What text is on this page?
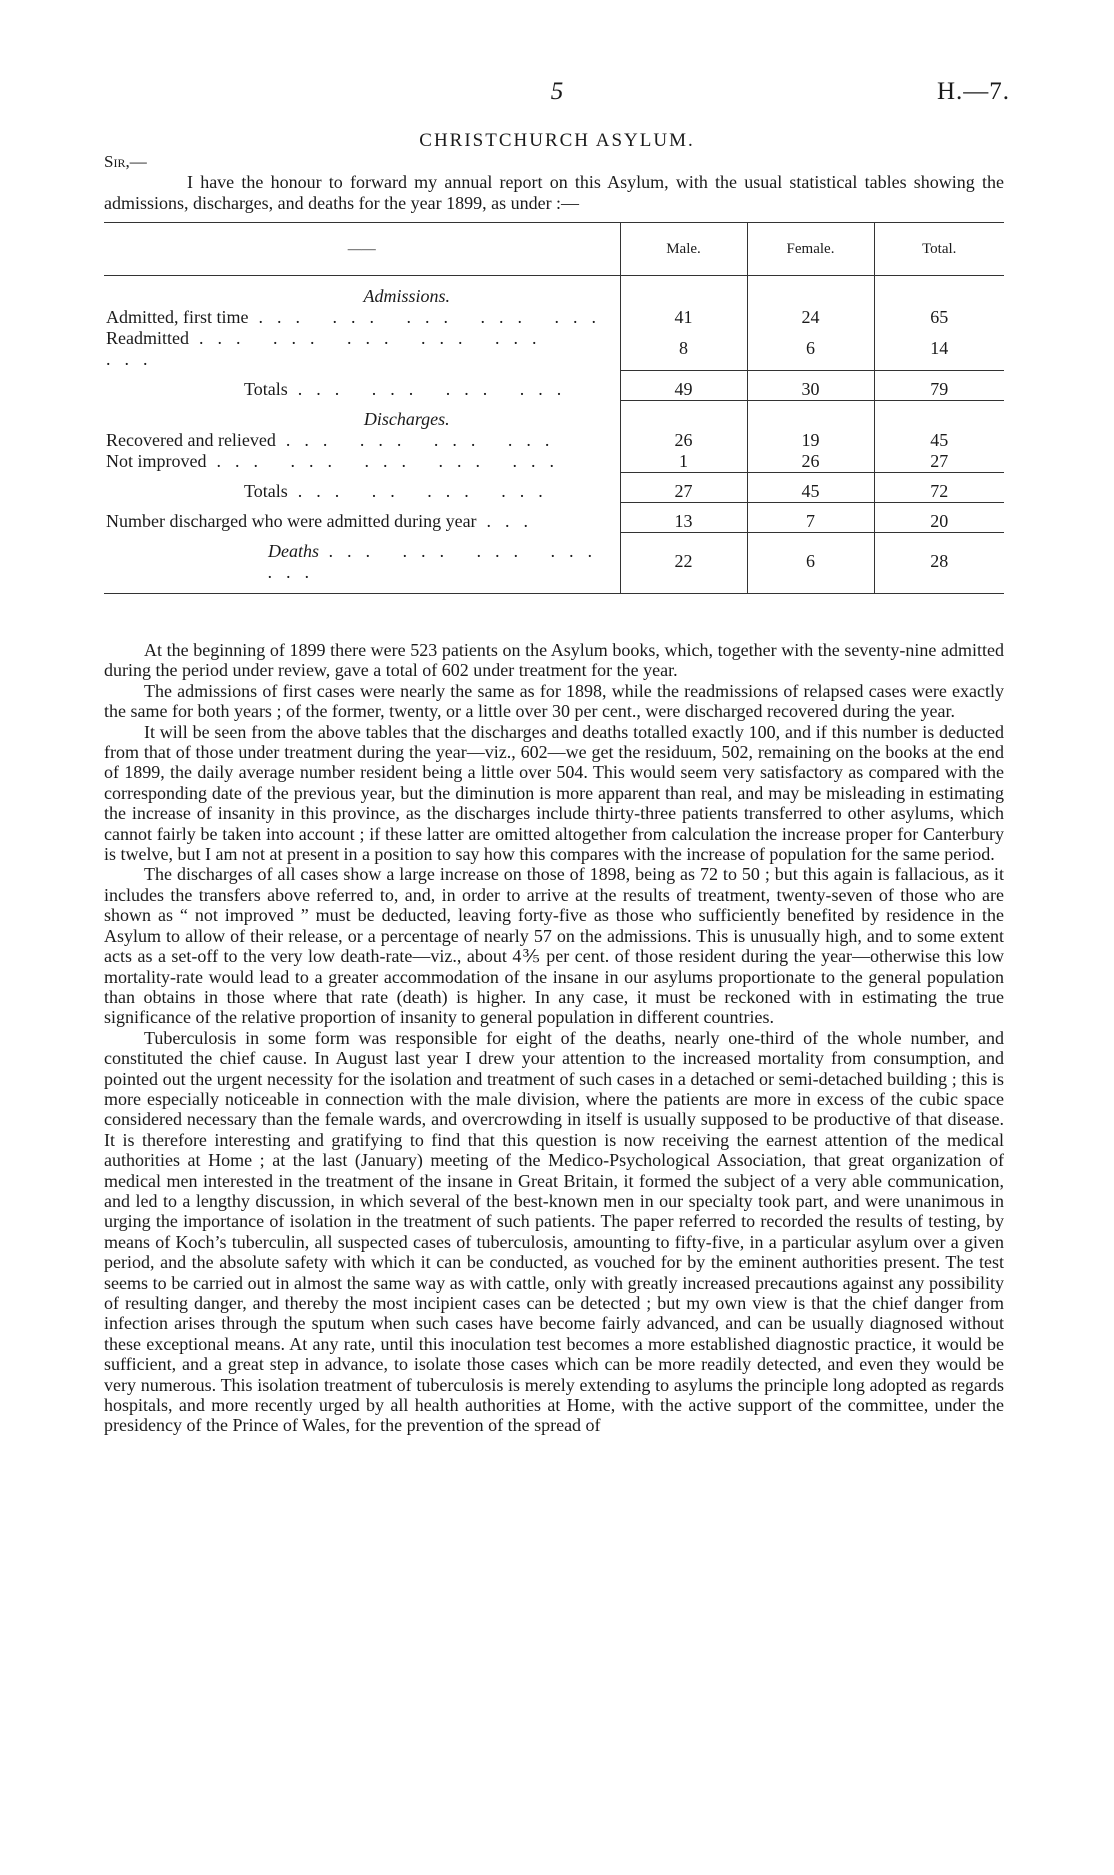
5	H.—7.
CHRISTCHURCH ASYLUM.
Sir,—
I have the honour to forward my annual report on this Asylum, with the usual statistical tables showing the admissions, discharges, and deaths for the year 1899, as under :—
——	Male.	Female.	Total.

Admissions.			
Admitted, first time ... ... ... ... ...	41	24	65
Readmitted ... ... ... ... ... ...	8	6	14

Totals ... ... ... ...	49	30	79

Discharges.			
Recovered and relieved ... ... ... ...	26	19	45
Not improved ... ... ... ... ...	1	26	27

Totals ... .. ... ...	27	45	72

Number discharged who were admitted during year ...	13	7	20

Deaths ... ... ... ... ...	22	6	28

At the beginning of 1899 there were 523 patients on the Asylum books, which, together with the seventy-nine admitted during the period under review, gave a total of 602 under treatment for the year.

The admissions of first cases were nearly the same as for 1898, while the readmissions of relapsed cases were exactly the same for both years ; of the former, twenty, or a little over 30 per cent., were discharged recovered during the year.

It will be seen from the above tables that the discharges and deaths totalled exactly 100, and if this number is deducted from that of those under treatment during the year—viz., 602—we get the residuum, 502, remaining on the books at the end of 1899, the daily average number resident being a little over 504. This would seem very satisfactory as compared with the corresponding date of the previous year, but the diminution is more apparent than real, and may be misleading in estimating the increase of insanity in this province, as the discharges include thirty-three patients transferred to other asylums, which cannot fairly be taken into account ; if these latter are omitted altogether from calculation the increase proper for Canterbury is twelve, but I am not at present in a position to say how this compares with the increase of population for the same period.

The discharges of all cases show a large increase on those of 1898, being as 72 to 50 ; but this again is fallacious, as it includes the transfers above referred to, and, in order to arrive at the results of treatment, twenty-seven of those who are shown as “ not improved ” must be deducted, leaving forty-five as those who sufficiently benefited by residence in the Asylum to allow of their release, or a percentage of nearly 57 on the admissions. This is unusually high, and to some extent acts as a set-off to the very low death-rate—viz., about 4⅗ per cent. of those resident during the year—otherwise this low mortality-rate would lead to a greater accommodation of the insane in our asylums proportionate to the general population than obtains in those where that rate (death) is higher. In any case, it must be reckoned with in estimating the true significance of the relative proportion of insanity to general population in different countries.

Tuberculosis in some form was responsible for eight of the deaths, nearly one-third of the whole number, and constituted the chief cause. In August last year I drew your attention to the increased mortality from consumption, and pointed out the urgent necessity for the isolation and treatment of such cases in a detached or semi-detached building ; this is more especially noticeable in connection with the male division, where the patients are more in excess of the cubic space considered necessary than the female wards, and overcrowding in itself is usually supposed to be productive of that disease. It is therefore interesting and gratifying to find that this question is now receiving the earnest attention of the medical authorities at Home ; at the last (January) meeting of the Medico-Psychological Association, that great organization of medical men interested in the treatment of the insane in Great Britain, it formed the subject of a very able communication, and led to a lengthy discussion, in which several of the best-known men in our specialty took part, and were unanimous in urging the importance of isolation in the treatment of such patients. The paper referred to recorded the results of testing, by means of Koch’s tuberculin, all suspected cases of tuberculosis, amounting to fifty-five, in a particular asylum over a given period, and the absolute safety with which it can be conducted, as vouched for by the eminent authorities present. The test seems to be carried out in almost the same way as with cattle, only with greatly increased precautions against any possibility of resulting danger, and thereby the most incipient cases can be detected ; but my own view is that the chief danger from infection arises through the sputum when such cases have become fairly advanced, and can be usually diagnosed without these exceptional means. At any rate, until this inoculation test becomes a more established diagnostic practice, it would be sufficient, and a great step in advance, to isolate those cases which can be more readily detected, and even they would be very numerous. This isolation treatment of tuberculosis is merely extending to asylums the principle long adopted as regards hospitals, and more recently urged by all health authorities at Home, with the active support of the committee, under the presidency of the Prince of Wales, for the prevention of the spread of
